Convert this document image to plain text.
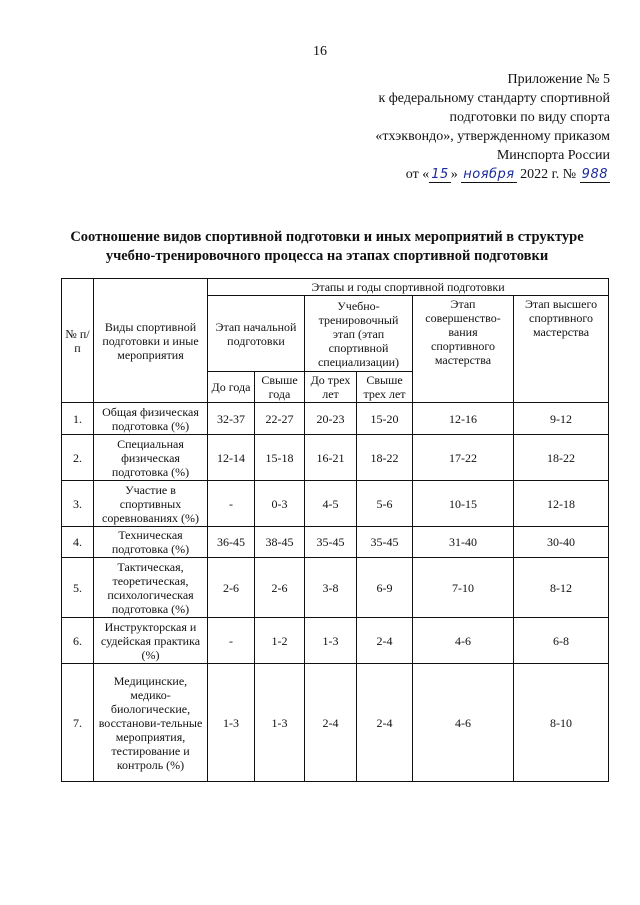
16
Приложение № 5
к федеральному стандарту спортивной
подготовки по виду спорта
«тхэквондо», утвержденному приказом
Минспорта России
от « 15 » ноября 2022 г. № 988
Соотношение видов спортивной подготовки и иных мероприятий в структуре
учебно-тренировочного процесса на этапах спортивной подготовки
№ п/п	Виды спортивной подготовки и иные мероприятия	Этапы и годы спортивной подготовки					
		Этап начальной подготовки		Учебно-тренировочный этап (этап спортивной специализации)		Этап совершенство-вания спортивного мастерства	Этап высшего спортивного мастерства
		До года	Свыше года	До трех лет	Свыше трех лет		
1.	Общая физическая подготовка (%)	32-37	22-27	20-23	15-20	12-16	9-12
2.	Специальная физическая подготовка (%)	12-14	15-18	16-21	18-22	17-22	18-22
3.	Участие в спортивных соревнованиях (%)	-	0-3	4-5	5-6	10-15	12-18
4.	Техническая подготовка (%)	36-45	38-45	35-45	35-45	31-40	30-40
5.	Тактическая, теоретическая, психологическая подготовка (%)	2-6	2-6	3-8	6-9	7-10	8-12
6.	Инструкторская и судейская практика (%)	-	1-2	1-3	2-4	4-6	6-8
7.	Медицинские, медико-биологические, восстанови-тельные мероприятия, тестирование и контроль (%)	1-3	1-3	2-4	2-4	4-6	8-10
